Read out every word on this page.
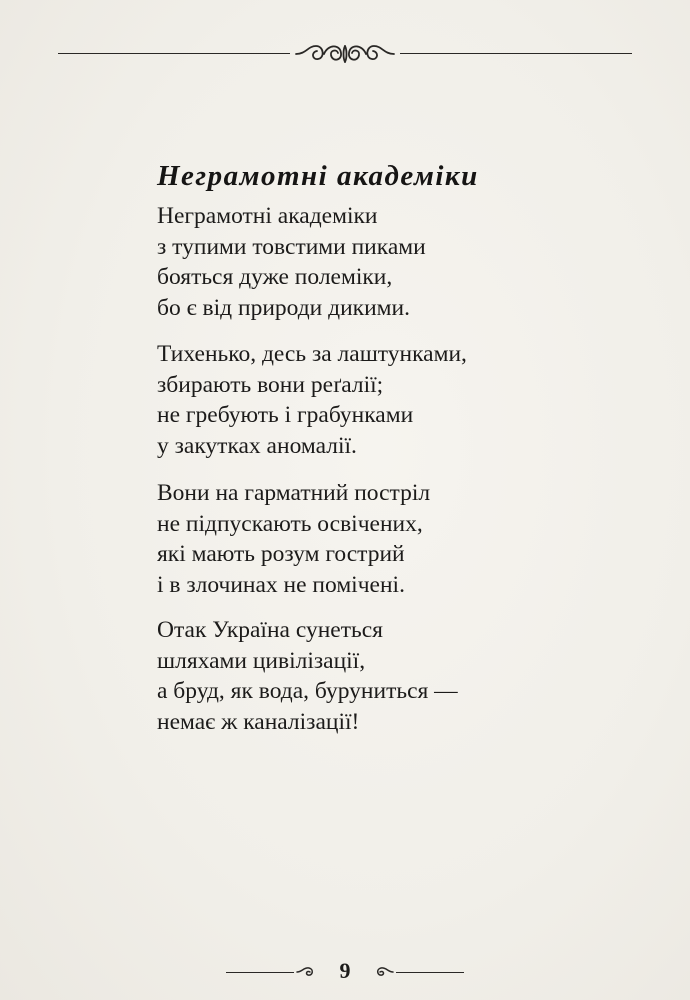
Неграмотні академіки
Неграмотні академіки
з тупими товстими пиками
бояться дуже полеміки,
бо є від природи дикими.
Тихенько, десь за лаштунками,
збирають вони реґалії;
не гребують і грабунками
у закутках аномалії.
Вони на гарматний постріл
не підпускають освічених,
які мають розум гострий
і в злочинах не помічені.
Отак Україна сунеться
шляхами цивілізації,
а бруд, як вода, буруниться —
немає ж каналізації!
9
